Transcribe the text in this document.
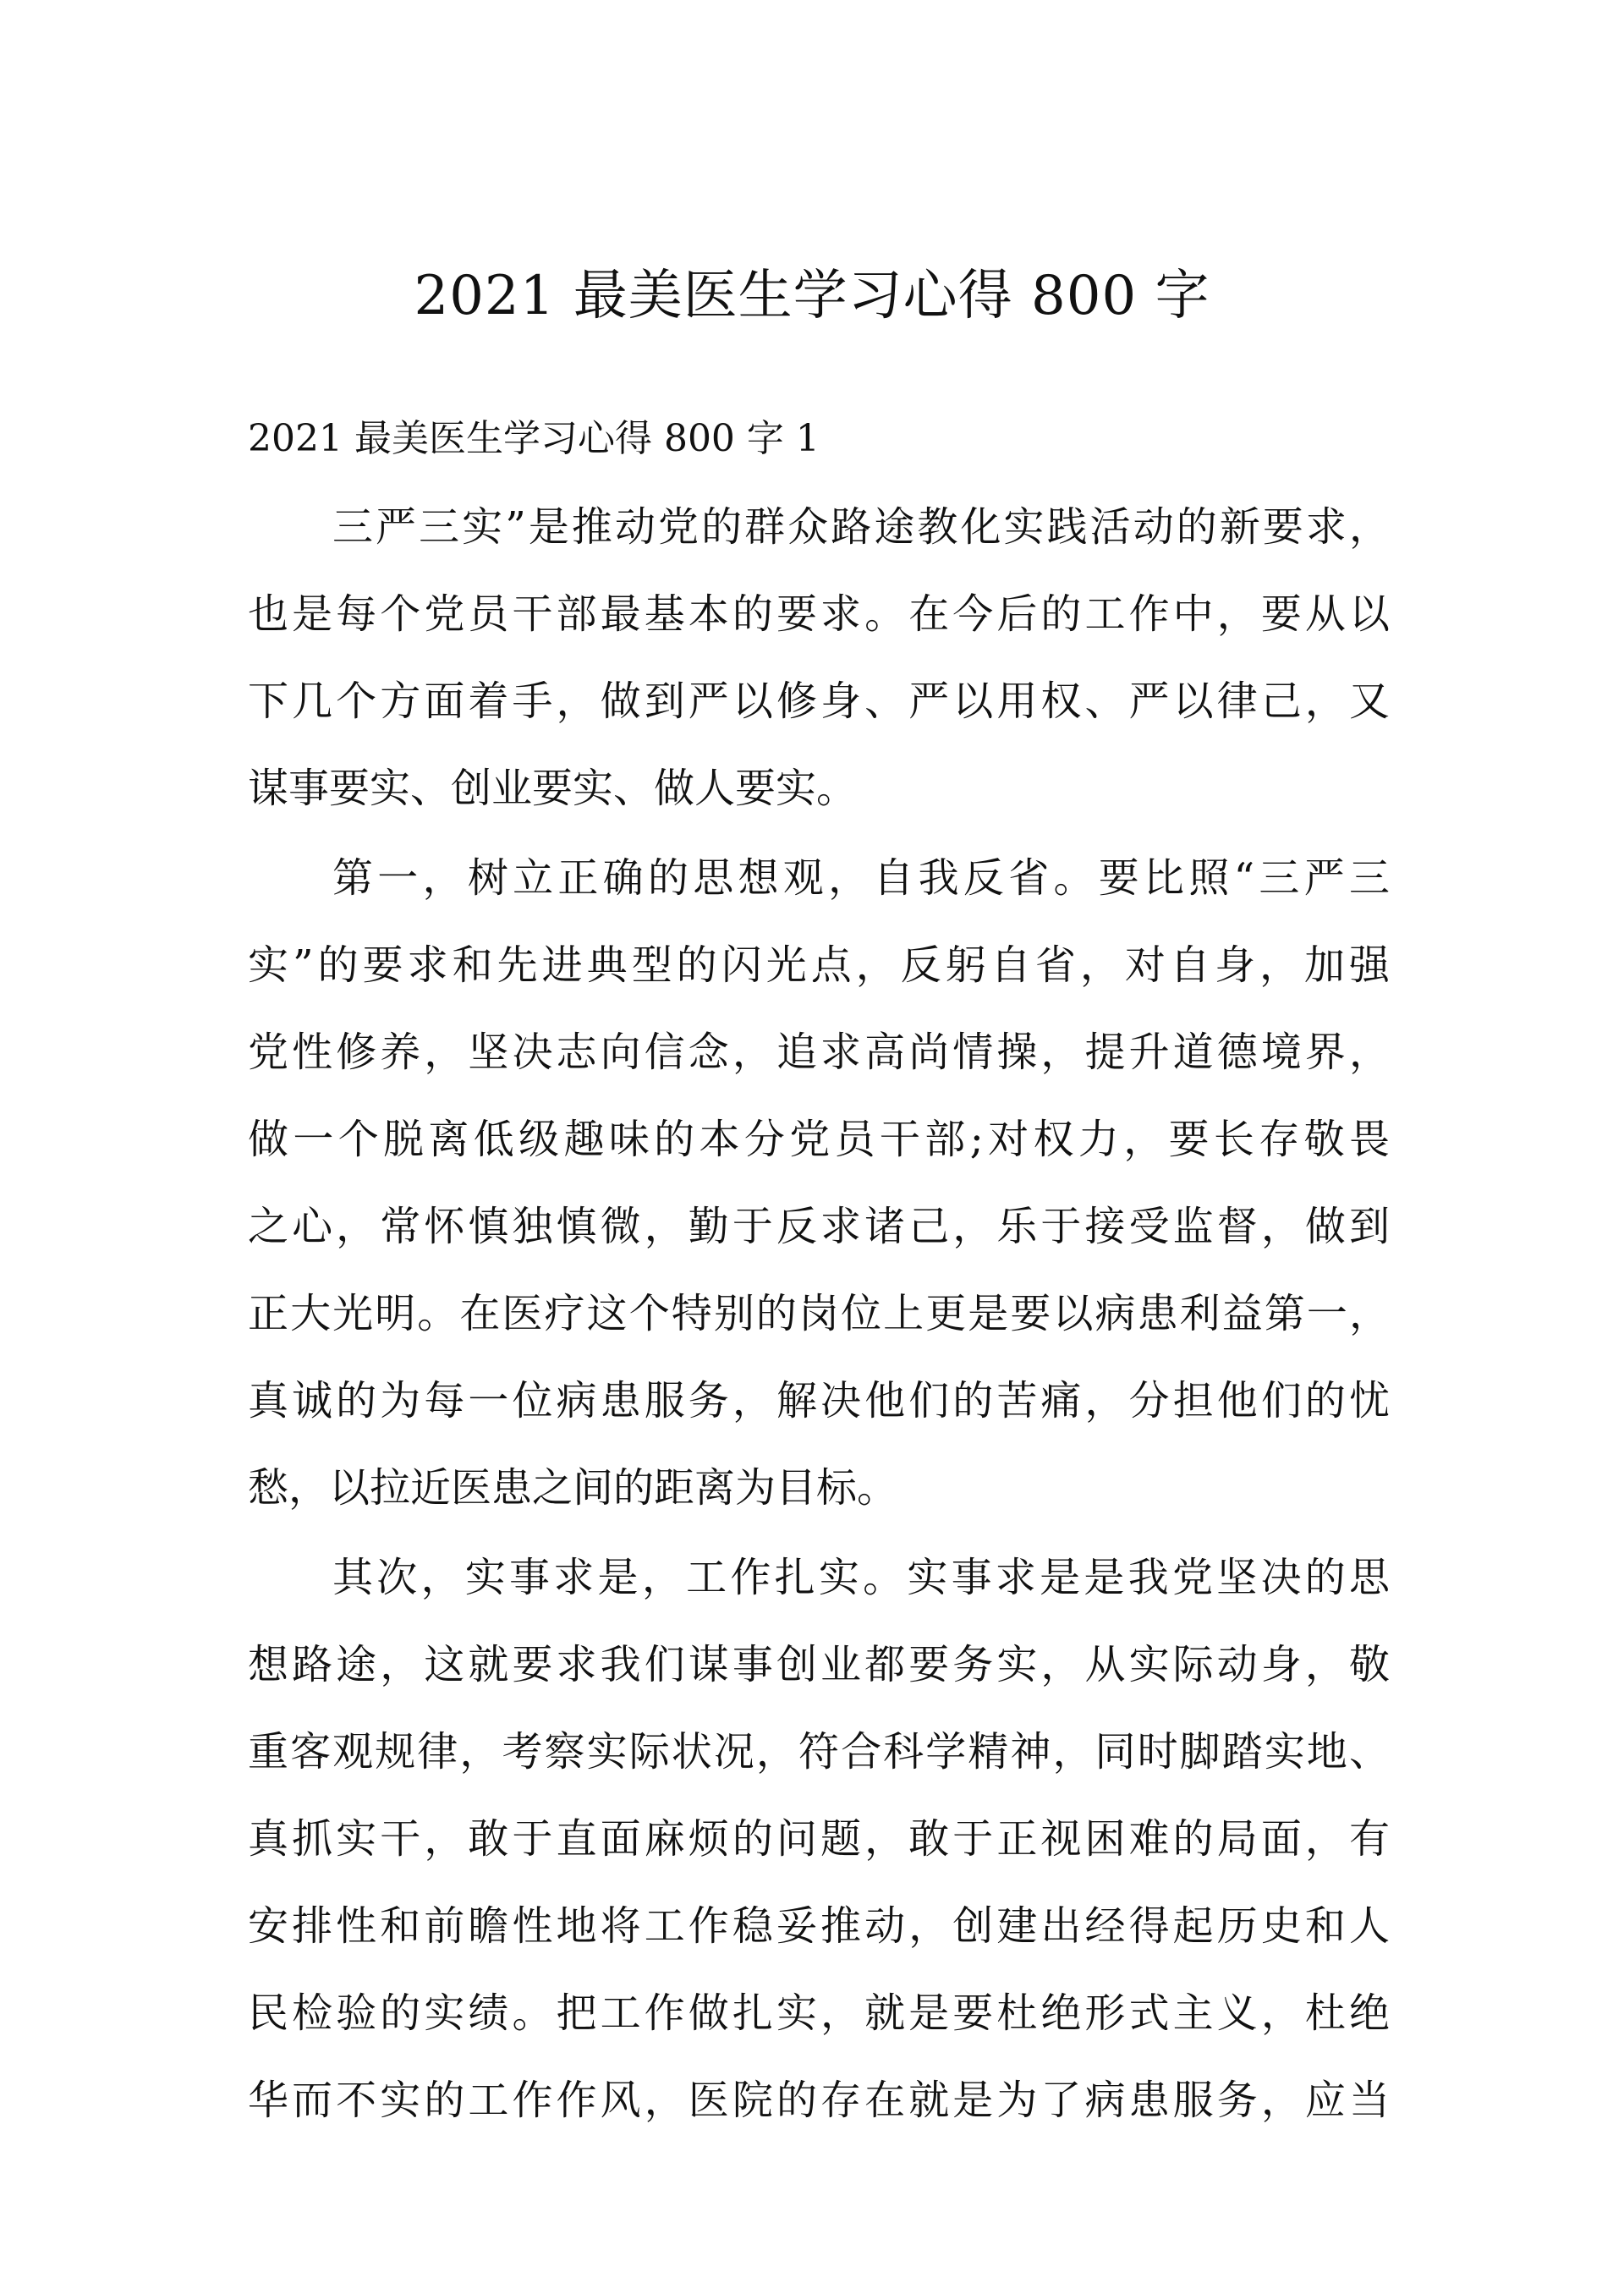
2021 最美医生学习心得 800 字

2021 最美医生学习心得 800 字 1

三严三实”是推动党的群众路途教化实践活动的新要求，
也是每个党员干部最基本的要求。在今后的工作中，要从以
下几个方面着手，做到严以修身、严以用权、严以律己，又
谋事要实、创业要实、做人要实。
第一，树立正确的思想观，自我反省。要比照“三严三
实”的要求和先进典型的闪光点，反躬自省，对自身，加强
党性修养，坚决志向信念，追求高尚情操，提升道德境界，
做一个脱离低级趣味的本分党员干部;对权力，要长存敬畏
之心，常怀慎独慎微，勤于反求诸己，乐于接受监督，做到
正大光明。在医疗这个特别的岗位上更是要以病患利益第一，
真诚的为每一位病患服务，解决他们的苦痛，分担他们的忧
愁，以拉近医患之间的距离为目标。
其次，实事求是，工作扎实。实事求是是我党坚决的思
想路途，这就要求我们谋事创业都要务实，从实际动身，敬
重客观规律，考察实际状况，符合科学精神，同时脚踏实地、
真抓实干，敢于直面麻烦的问题，敢于正视困难的局面，有
安排性和前瞻性地将工作稳妥推动，创建出经得起历史和人
民检验的实绩。把工作做扎实，就是要杜绝形式主义，杜绝
华而不实的工作作风，医院的存在就是为了病患服务，应当
